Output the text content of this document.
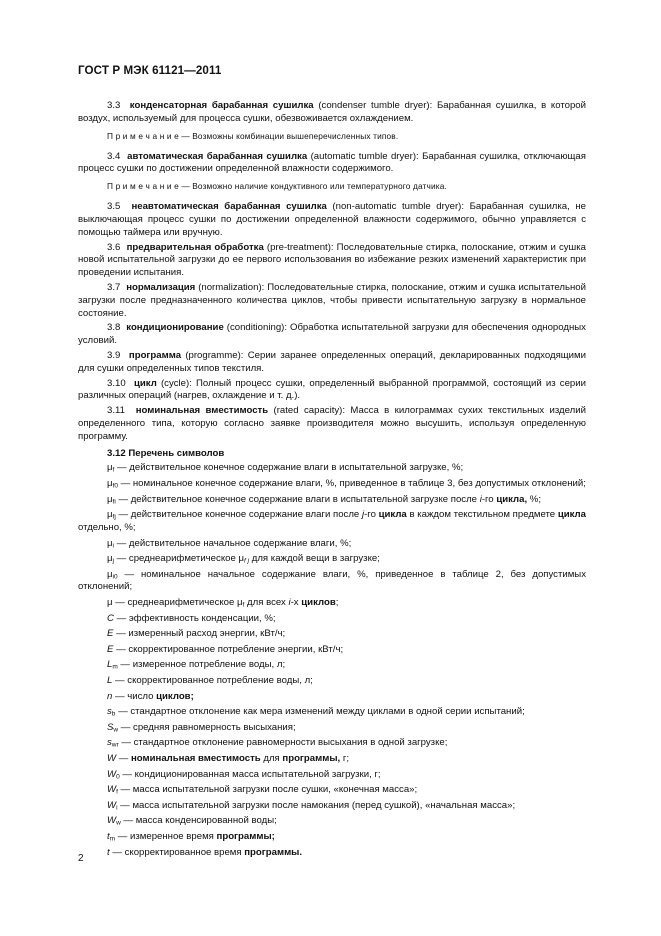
ГОСТ Р МЭК 61121—2011

3.3 конденсаторная барабанная сушилка (condenser tumble dryer): Барабанная сушилка, в которой воздух, используемый для процесса сушки, обезвоживается охлаждением.

П р и м е ч а н и е — Возможны комбинации вышеперечисленных типов.

3.4 автоматическая барабанная сушилка (automatic tumble dryer): Барабанная сушилка, отключающая процесс сушки по достижении определенной влажности содержимого.

П р и м е ч а н и е — Возможно наличие кондуктивного или температурного датчика.

3.5 неавтоматическая барабанная сушилка (non-automatic tumble dryer): Барабанная сушилка, не выключающая процесс сушки по достижении определенной влажности содержимого, обычно управляется с помощью таймера или вручную.

3.6 предварительная обработка (pre-treatment): Последовательные стирка, полоскание, отжим и сушка новой испытательной загрузки до ее первого использования во избежание резких изменений характеристик при проведении испытания.

3.7 нормализация (normalization): Последовательные стирка, полоскание, отжим и сушка испытательной загрузки после предназначенного количества циклов, чтобы привести испытательную загрузку в нормальное состояние.

3.8 кондиционирование (conditioning): Обработка испытательной загрузки для обеспечения однородных условий.

3.9 программа (programme): Серии заранее определенных операций, декларированных подходящими для сушки определенных типов текстиля.

3.10 цикл (cycle): Полный процесс сушки, определенный выбранной программой, состоящий из серии различных операций (нагрев, охлаждение и т. д.).

3.11 номинальная вместимость (rated capacity): Масса в килограммах сухих текстильных изделий определенного типа, которую согласно заявке производителя можно высушить, используя определенную программу.

3.12 Перечень символов

$\mu_f$ — действительное конечное содержание влаги в испытательной загрузке, %;

$\mu_{f0}$ — номинальное конечное содержание влаги, %, приведенное в таблице 3, без допустимых отклонений;

$\mu_{fi}$ — действительное конечное содержание влаги в испытательной загрузке после i-го цикла, %;

$\mu_{fj}$ — действительное конечное содержание влаги после j-го цикла в каждом текстильном предмете цикла отдельно, %;

$\mu_i$ — действительное начальное содержание влаги, %;

$\mu_j$ — среднеарифметическое $\mu_{f j}$ для каждой вещи в загрузке;

$\mu_{i0}$ — номинальное начальное содержание влаги, %, приведенное в таблице 2, без допустимых отклонений;

μ — среднеарифметическое $\mu_f$ для всех i-х циклов;

C — эффективность конденсации, %;

E — измеренный расход энергии, кВт/ч;

E — скорректированное потребление энергии, кВт/ч;

$L_m$ — измеренное потребление воды, л;

L — скорректированное потребление воды, л;

n — число циклов;

$s_b$ — стандартное отклонение как мера изменений между циклами в одной серии испытаний;

$S_w$ — средняя равномерность высыхания;

$s_{wr}$ — стандартное отклонение равномерности высыхания в одной загрузке;

W — номинальная вместимость для программы, г;

$W_0$ — кондиционированная масса испытательной загрузки, г;

$W_f$ — масса испытательной загрузки после сушки, «конечная масса»;

$W_i$ — масса испытательной загрузки после намокания (перед сушкой), «начальная масса»;

$W_w$ — масса конденсированной воды;

$t_m$ — измеренное время программы;

t — скорректированное время программы.

2
